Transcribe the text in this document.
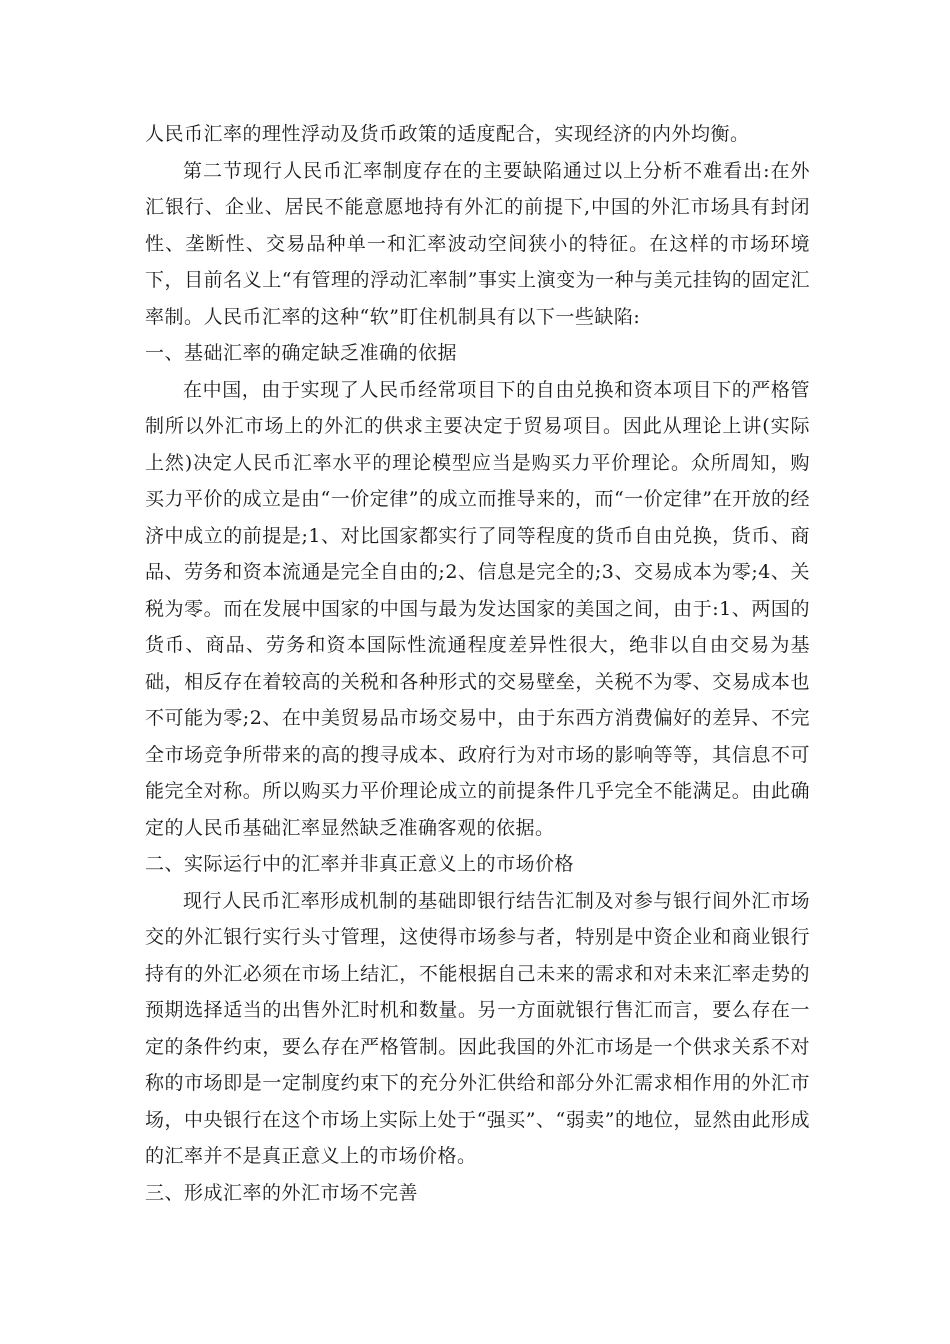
人民币汇率的理性浮动及货币政策的适度配合，实现经济的内外均衡。

第二节现行人民币汇率制度存在的主要缺陷通过以上分析不难看出:在外汇银行、企业、居民不能意愿地持有外汇的前提下,中国的外汇市场具有封闭性、垄断性、交易品种单一和汇率波动空间狭小的特征。在这样的市场环境下，目前名义上“有管理的浮动汇率制”事实上演变为一种与美元挂钩的固定汇率制。人民币汇率的这种“软”盯住机制具有以下一些缺陷:

一、基础汇率的确定缺乏准确的依据

在中国，由于实现了人民币经常项目下的自由兑换和资本项目下的严格管制所以外汇市场上的外汇的供求主要决定于贸易项目。因此从理论上讲(实际上然)决定人民币汇率水平的理论模型应当是购买力平价理论。众所周知，购买力平价的成立是由“一价定律”的成立而推导来的，而“一价定律”在开放的经济中成立的前提是;1、对比国家都实行了同等程度的货币自由兑换，货币、商品、劳务和资本流通是完全自由的;2、信息是完全的;3、交易成本为零;4、关税为零。而在发展中国家的中国与最为发达国家的美国之间，由于:1、两国的货币、商品、劳务和资本国际性流通程度差异性很大，绝非以自由交易为基础，相反存在着较高的关税和各种形式的交易壁垒，关税不为零、交易成本也不可能为零;2、在中美贸易品市场交易中，由于东西方消费偏好的差异、不完全市场竞争所带来的高的搜寻成本、政府行为对市场的影响等等，其信息不可能完全对称。所以购买力平价理论成立的前提条件几乎完全不能满足。由此确定的人民币基础汇率显然缺乏准确客观的依据。

二、实际运行中的汇率并非真正意义上的市场价格

现行人民币汇率形成机制的基础即银行结告汇制及对参与银行间外汇市场交的外汇银行实行头寸管理，这使得市场参与者，特别是中资企业和商业银行持有的外汇必须在市场上结汇，不能根据自己未来的需求和对未来汇率走势的预期选择适当的出售外汇时机和数量。另一方面就银行售汇而言，要么存在一定的条件约束，要么存在严格管制。因此我国的外汇市场是一个供求关系不对称的市场即是一定制度约束下的充分外汇供给和部分外汇需求相作用的外汇市场，中央银行在这个市场上实际上处于“强买”、“弱卖”的地位，显然由此形成的汇率并不是真正意义上的市场价格。

三、形成汇率的外汇市场不完善
